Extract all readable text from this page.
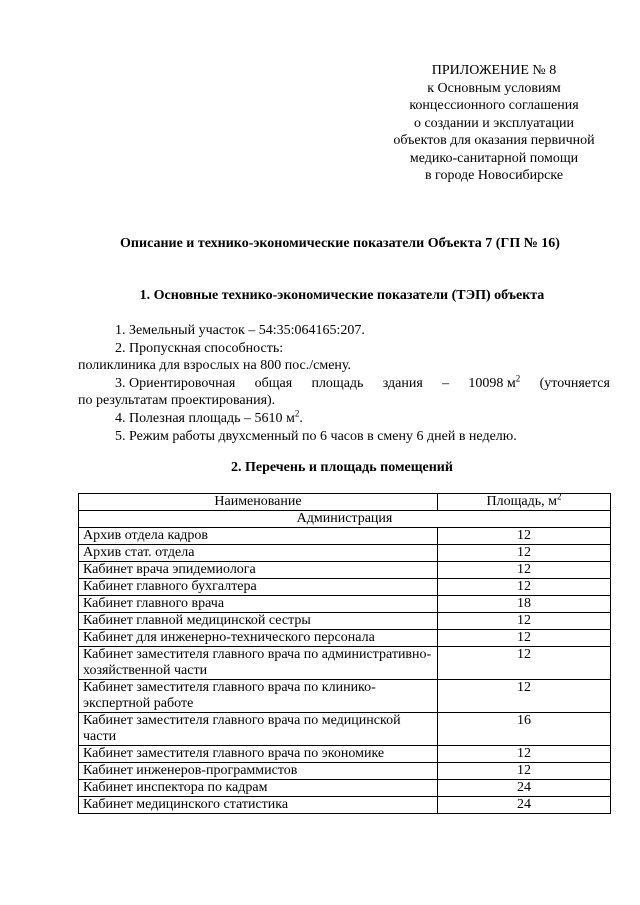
ПРИЛОЖЕНИЕ № 8
к Основным условиям
концессионного соглашения
о создании и эксплуатации
объектов для оказания первичной
медико-санитарной помощи
в городе Новосибирске
Описание и технико-экономические показатели Объекта 7 (ГП № 16)
1. Основные технико-экономические показатели (ТЭП) объекта

1. Земельный участок – 54:35:064165:207.

2. Пропускная способность:

поликлиника для взрослых на 800 пос./смену.

3. Ориентировочная общая площадь здания – 10098 $м^2$ (уточняется

по результатам проектирования).

4. Полезная площадь – 5610 $м^2$.

5. Режим работы двухсменный по 6 часов в смену 6 дней в неделю.

2. Перечень и площадь помещений
Наименование	Площадь, $м^2$
Администрация	
Архив отдела кадров	12
Архив стат. отдела	12
Кабинет врача эпидемиолога	12
Кабинет главного бухгалтера	12
Кабинет главного врача	18
Кабинет главной медицинской сестры	12
Кабинет для инженерно-технического персонала	12
Кабинет заместителя главного врача по административно-хозяйственной части	12
Кабинет заместителя главного врача по клинико-экспертной работе	12
Кабинет заместителя главного врача по медицинской части	16
Кабинет заместителя главного врача по экономике	12
Кабинет инженеров-программистов	12
Кабинет инспектора по кадрам	24
Кабинет медицинского статистика	24
